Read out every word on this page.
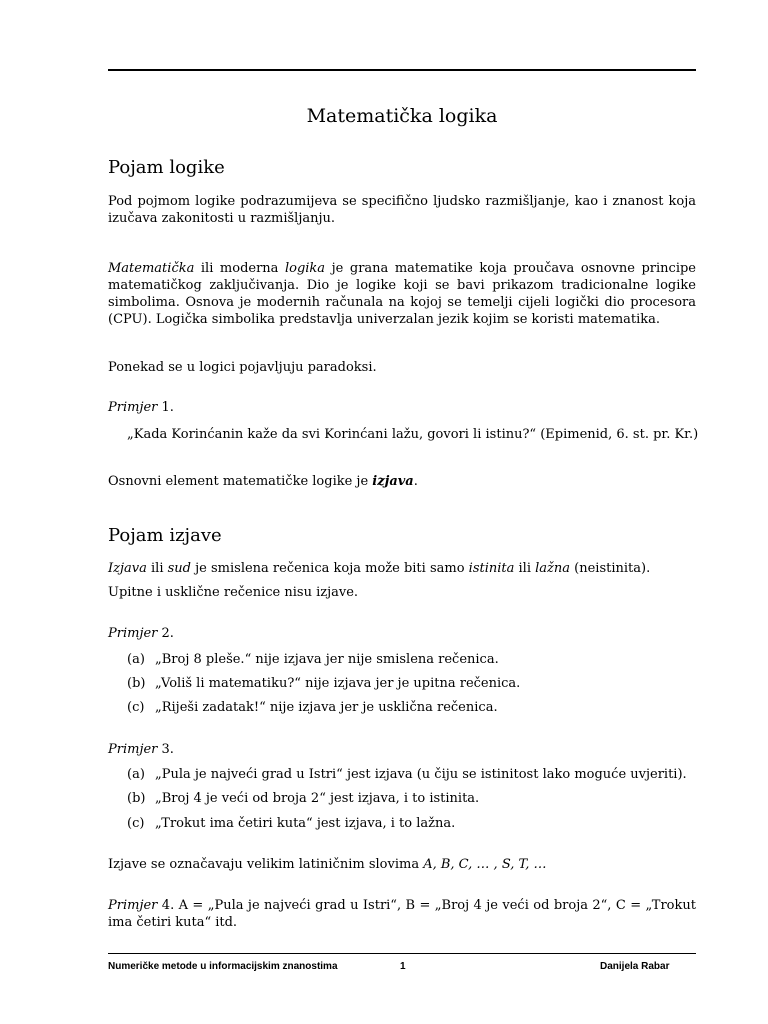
Matematička logika
Pojam logike
Pod pojmom logike podrazumijeva se specifično ljudsko razmišljanje, kao i znanost koja izučava zakonitosti u razmišljanju.
Matematička ili moderna logika je grana matematike koja proučava osnovne principe matematičkog zaključivanja. Dio je logike koji se bavi prikazom tradicionalne logike simbolima. Osnova je modernih računala na kojoj se temelji cijeli logički dio procesora (CPU). Logička simbolika predstavlja univerzalan jezik kojim se koristi matematika.
Ponekad se u logici pojavljuju paradoksi.
Primjer 1.
„Kada Korinćanin kaže da svi Korinćani lažu, govori li istinu?“ (Epimenid, 6. st. pr. Kr.)
Osnovni element matematičke logike je izjava.
Pojam izjave
Izjava ili sud je smislena rečenica koja može biti samo istinita ili lažna (neistinita).
Upitne i usklične rečenice nisu izjave.
Primjer 2.
(a) „Broj 8 pleše.“ nije izjava jer nije smislena rečenica.
(b) „Voliš li matematiku?“ nije izjava jer je upitna rečenica.
(c) „Riješi zadatak!“ nije izjava jer je usklična rečenica.
Primjer 3.
(a) „Pula je najveći grad u Istri“ jest izjava (u čiju se istinitost lako moguće uvjeriti).
(b) „Broj 4 je veći od broja 2“ jest izjava, i to istinita.
(c) „Trokut ima četiri kuta“ jest izjava, i to lažna.
Izjave se označavaju velikim latiničnim slovima A, B, C, … , S, T, …
Primjer 4. A = „Pula je najveći grad u Istri“, B = „Broj 4 je veći od broja 2“, C = „Trokut ima četiri kuta“ itd.
Numeričke metode u informacijskim znanostima	1	Danijela Rabar
